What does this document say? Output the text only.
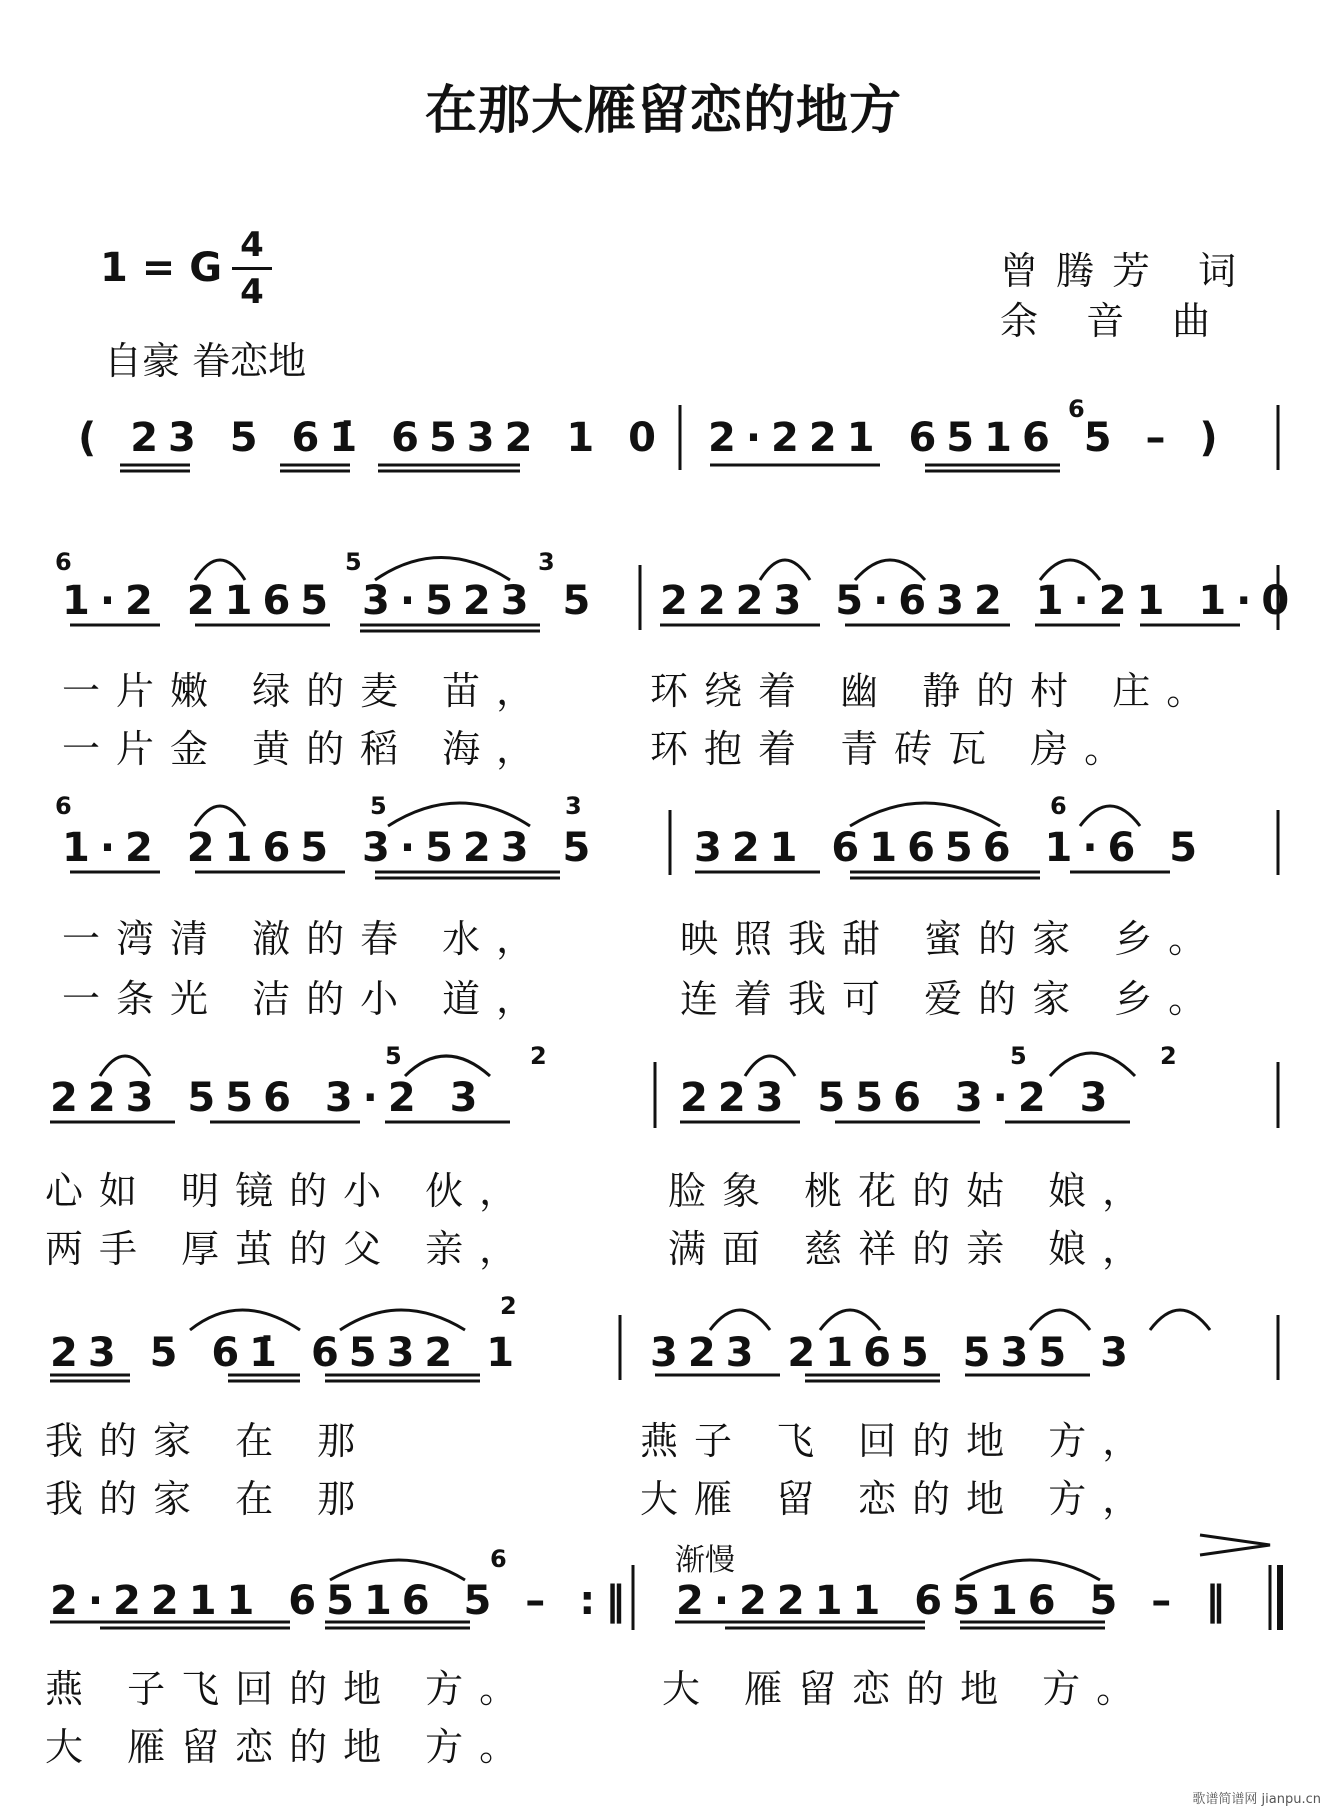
在那大雁留恋的地方
1 = G 4
4	曾腾芳 词
余 音 曲
自豪 眷恋地
( 23 5 61̇ 6532 1 0 2·221 6516 5 – )
1·2 2165 3·523 5 2223 5·632 1·21 1·0
一片嫩 绿的麦 苗，	环绕着 幽 静的村 庄。
一片金 黄的稻 海，	环抱着 青砖瓦 房。
1·2 2165 3·523 5 321 61656 1·6 5
一湾清 澈的春 水，	映照我甜 蜜的家 乡。
一条光 洁的小 道，	连着我可 爱的家 乡。
223 556 3·2 3	223 556 3·2 3
心如 明镜的小 伙，	脸象 桃花的姑 娘，
两手 厚茧的父 亲，	满面 慈祥的亲 娘，
23 5 61̇ 6532 1	323 2165 535 3
我的家 在 那	燕子 飞 回的地 方，
我的家 在 那	大雁 留 恋的地 方，
渐慢
2·2211 6516 5 – :‖ 2·2211 6516 5 – ‖
燕 子飞回的地 方。	大 雁留恋的地 方。
大 雁留恋的地 方。
歌谱简谱网 jianpu.cn
6
6	5	3
6	5	3	6
5	2	5	2
2
6
